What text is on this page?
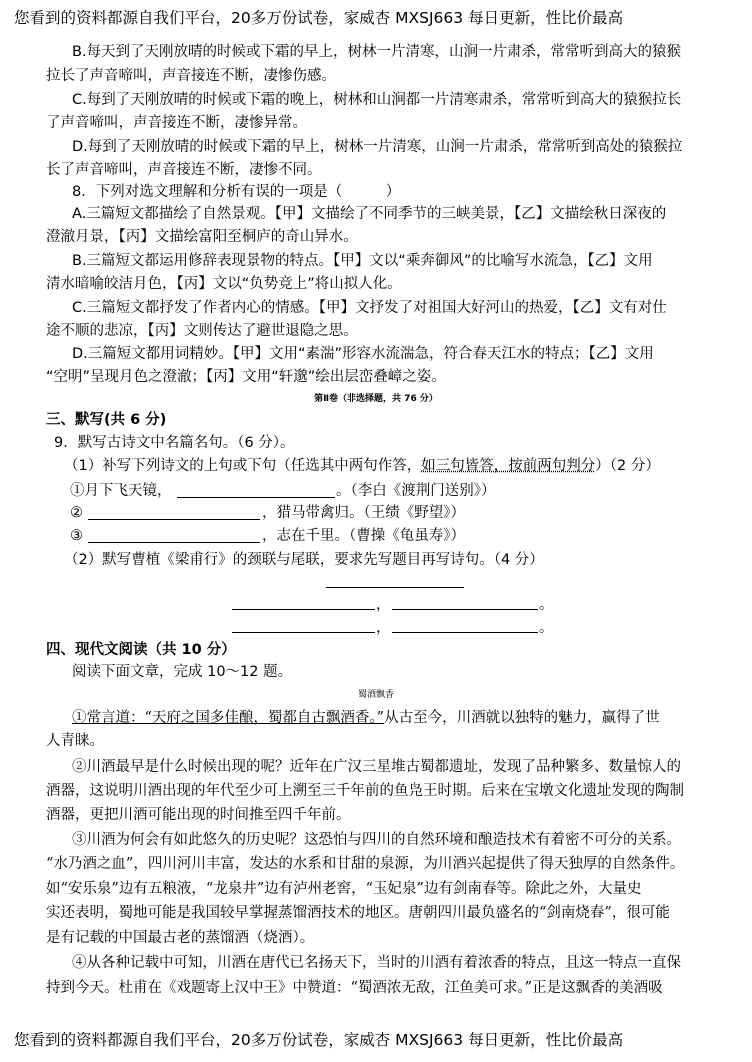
您看到的资料都源自我们平台，20多万份试卷，家威杏 MXSJ663 每日更新，性比价最高
B.每天到了天刚放晴的时候或下霜的早上，树林一片清寒，山涧一片肃杀，常常听到高大的猿猴
拉长了声音啼叫，声音接连不断，凄惨伤感。
C.每到了天刚放晴的时候或下霜的晚上，树林和山涧都一片清寒肃杀，常常听到高大的猿猴拉长
了声音啼叫，声音接连不断，凄惨异常。
D.每到了天刚放晴的时候或下霜的早上，树林一片清寒，山涧一片肃杀，常常听到高处的猿猴拉
长了声音啼叫，声音接连不断，凄惨不同。
8．下列对选文理解和分析有误的一项是（　　　）
A.三篇短文都描绘了自然景观。【甲】文描绘了不同季节的三峡美景，【乙】文描绘秋日深夜的
澄澈月景，【丙】文描绘富阳至桐庐的奇山异水。
B.三篇短文都运用修辞表现景物的特点。【甲】文以“乘奔御风”的比喻写水流急，【乙】文用
清水暗喻皎洁月色，【丙】文以“负势竞上”将山拟人化。
C.三篇短文都抒发了作者内心的情感。【甲】文抒发了对祖国大好河山的热爱，【乙】文有对仕
途不顺的悲凉，【丙】文则传达了避世退隐之思。
D.三篇短文都用词精妙。【甲】文用“素湍”形容水流湍急，符合春天江水的特点；【乙】文用
“空明”呈现月色之澄澈；【丙】文用“轩邈”绘出层峦叠嶂之姿。
第Ⅱ卷（非选择题，共 76 分）
三、默写(共 6 分)
9．默写古诗文中名篇名句。（6 分）。
（1）补写下列诗文的上句或下句（任选其中两句作答，如三句皆答，按前两句判分）（2 分）
①月下飞天镜，	。（李白《渡荆门送别》）
②	，猎马带禽归。（王绩《野望》）
③	，志在千里。（曹操《龟虽寿》）
（2）默写曹植《梁甫行》的颈联与尾联，要求先写题目再写诗句。（4 分）
，	。
，	。
四、现代文阅读（共 10 分）
阅读下面文章，完成 10～12 题。
蜀酒飘香
①常言道：“天府之国多佳酿，蜀都自古飘酒香。”从古至今，川酒就以独特的魅力，赢得了世
人青睐。
②川酒最早是什么时候出现的呢？近年在广汉三星堆古蜀都遗址，发现了品种繁多、数量惊人的
酒器，这说明川酒出现的年代至少可上溯至三千年前的鱼凫王时期。后来在宝墩文化遗址发现的陶制
酒器，更把川酒可能出现的时间推至四千年前。
③川酒为何会有如此悠久的历史呢？这恐怕与四川的自然环境和酿造技术有着密不可分的关系。
“水乃酒之血”，四川河川丰富，发达的水系和甘甜的泉源，为川酒兴起提供了得天独厚的自然条件。
如“安乐泉”边有五粮液，“龙泉井”边有泸州老窖，“玉妃泉”边有剑南春等。除此之外，大量史
实还表明，蜀地可能是我国较早掌握蒸馏酒技术的地区。唐朝四川最负盛名的“剑南烧春”，很可能
是有记载的中国最古老的蒸馏酒（烧酒）。
④从各种记载中可知，川酒在唐代已名扬天下，当时的川酒有着浓香的特点，且这一特点一直保
持到今天。杜甫在《戏题寄上汉中王》中赞道：“蜀酒浓无敌，江鱼美可求。”正是这飘香的美酒吸
您看到的资料都源自我们平台，20多万份试卷，家威杏 MXSJ663 每日更新，性比价最高
